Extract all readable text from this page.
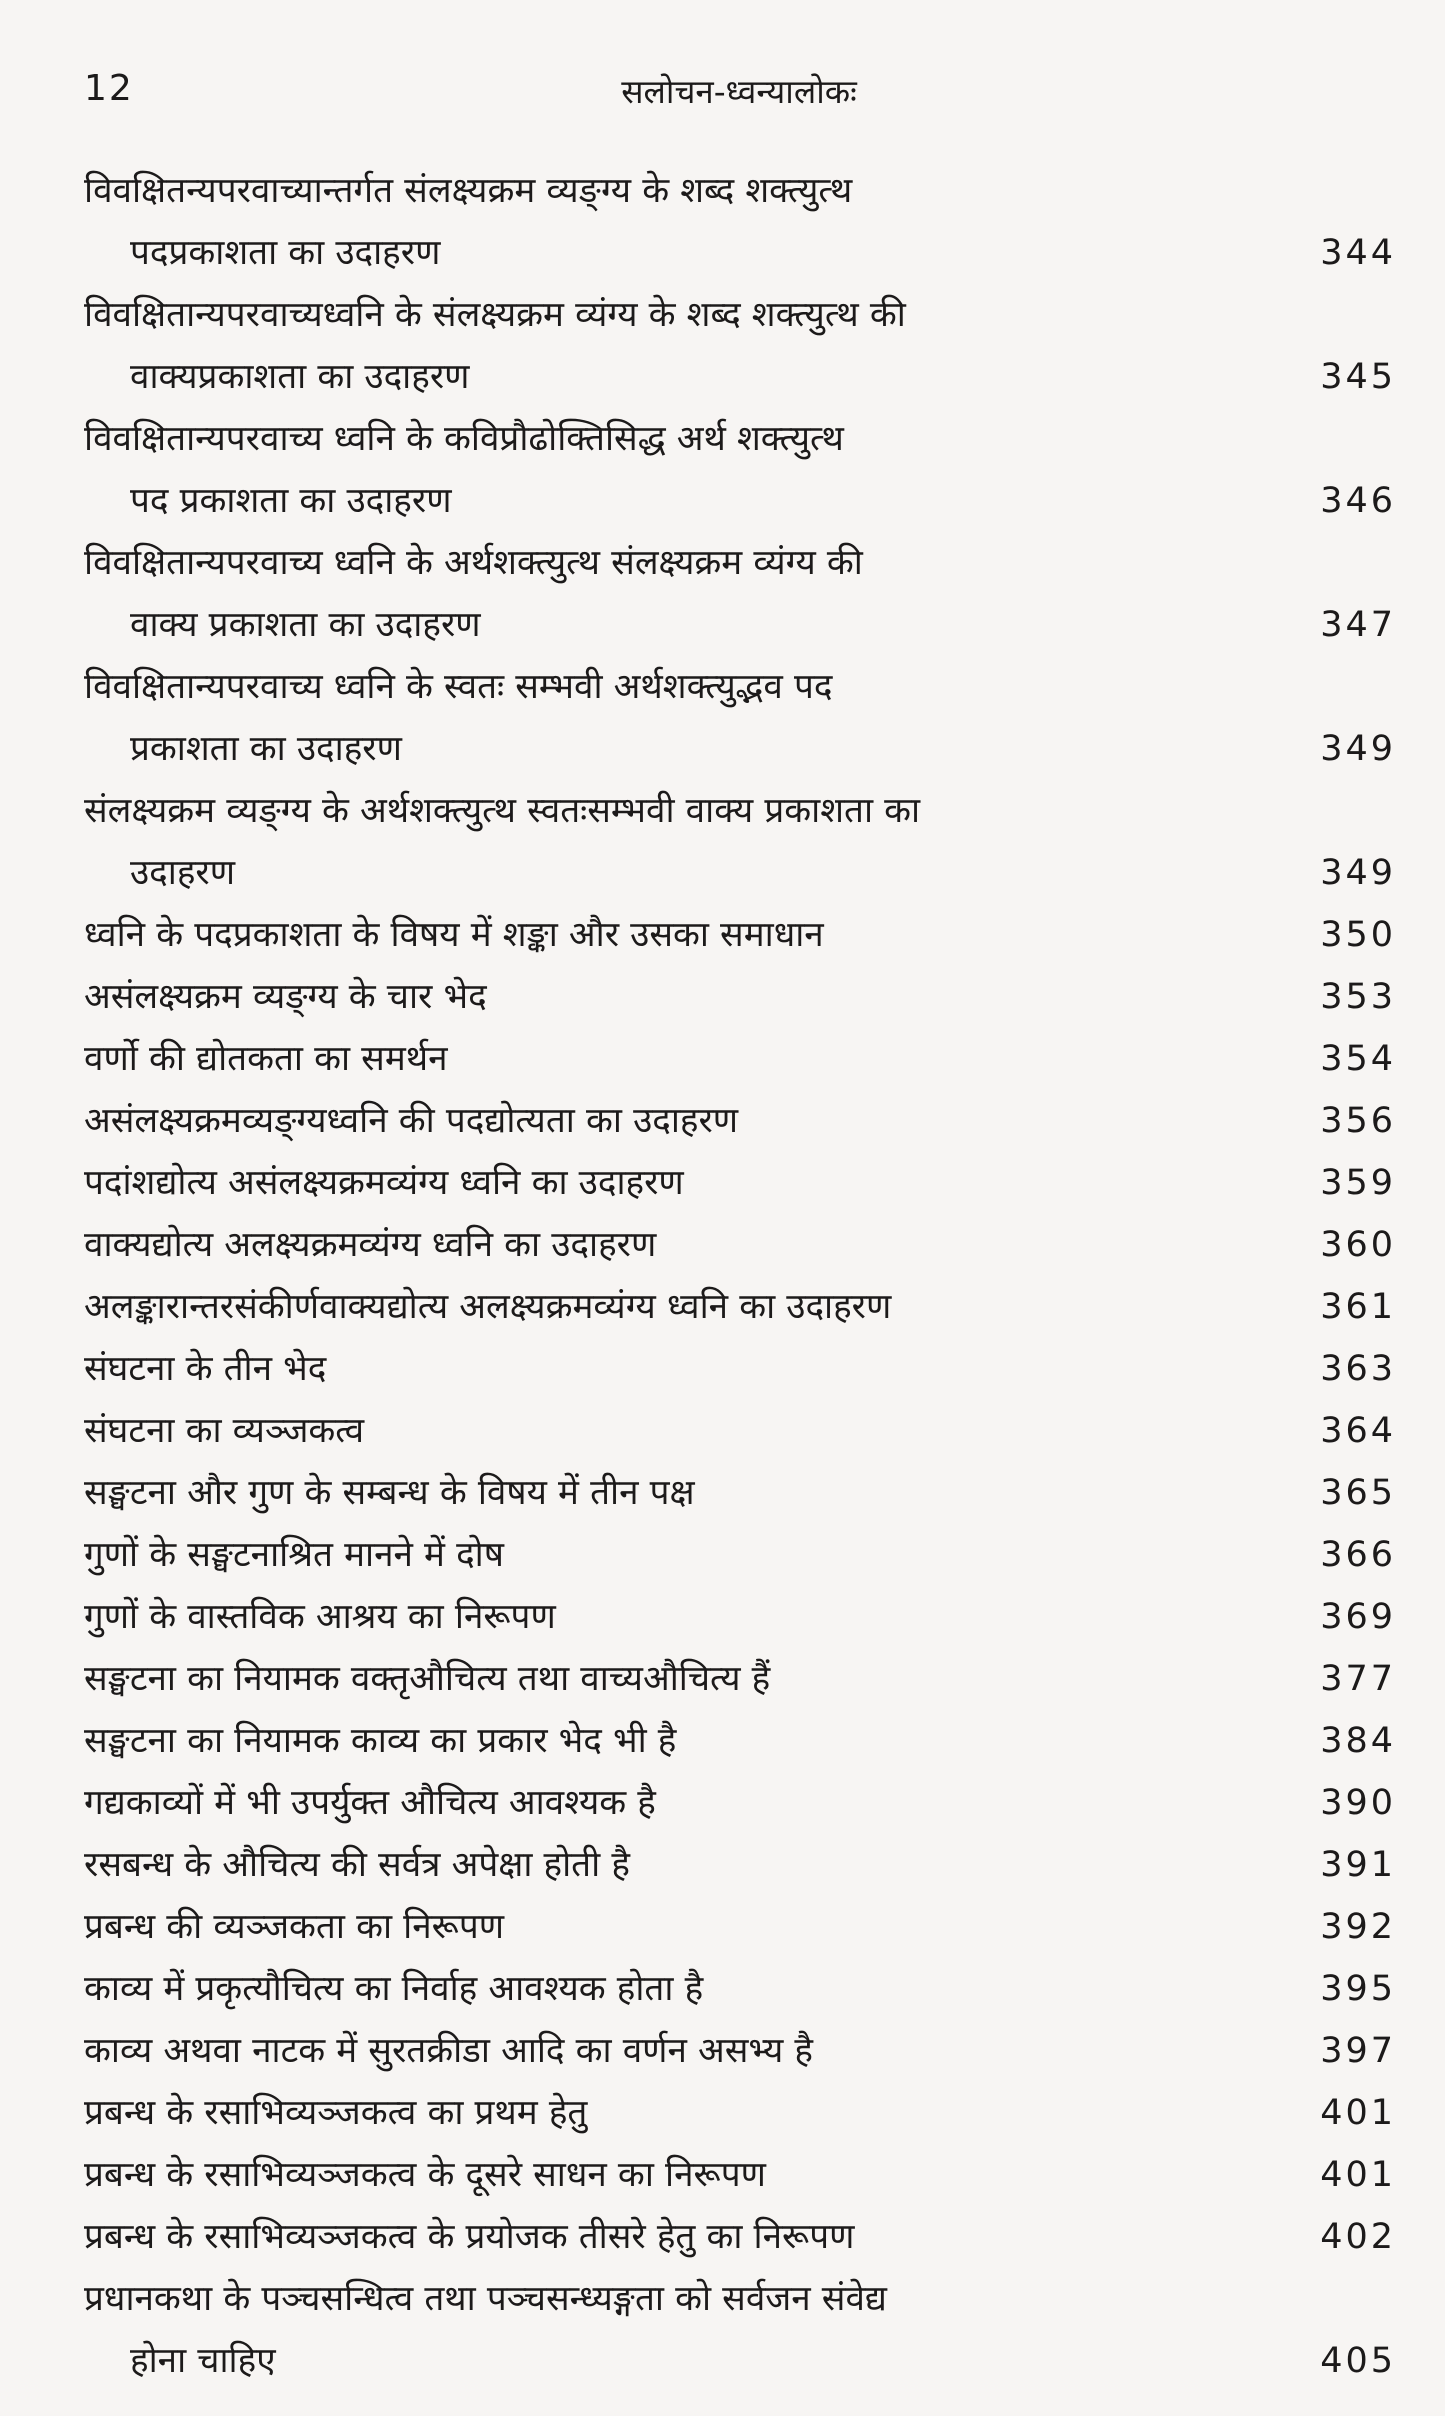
12	सलोचन-ध्वन्यालोकः
विवक्षितन्यपरवाच्यान्तर्गत संलक्ष्यक्रम व्यङ्ग्य के शब्द शक्त्युत्थ
पदप्रकाशता का उदाहरण	344
विवक्षितान्यपरवाच्यध्वनि के संलक्ष्यक्रम व्यंग्य के शब्द शक्त्युत्थ की
वाक्यप्रकाशता का उदाहरण	345
विवक्षितान्यपरवाच्य ध्वनि के कविप्रौढोक्तिसिद्ध अर्थ शक्त्युत्थ
पद प्रकाशता का उदाहरण	346
विवक्षितान्यपरवाच्य ध्वनि के अर्थशक्त्युत्थ संलक्ष्यक्रम व्यंग्य की
वाक्य प्रकाशता का उदाहरण	347
विवक्षितान्यपरवाच्य ध्वनि के स्वतः सम्भवी अर्थशक्त्युद्भव पद
प्रकाशता का उदाहरण	349
संलक्ष्यक्रम व्यङ्ग्य के अर्थशक्त्युत्थ स्वतःसम्भवी वाक्य प्रकाशता का
उदाहरण	349
ध्वनि के पदप्रकाशता के विषय में शङ्का और उसका समाधान	350
असंलक्ष्यक्रम व्यङ्ग्य के चार भेद	353
वर्णो की द्योतकता का समर्थन	354
असंलक्ष्यक्रमव्यङ्ग्यध्वनि की पदद्योत्यता का उदाहरण	356
पदांशद्योत्य असंलक्ष्यक्रमव्यंग्य ध्वनि का उदाहरण	359
वाक्यद्योत्य अलक्ष्यक्रमव्यंग्य ध्वनि का उदाहरण	360
अलङ्कारान्तरसंकीर्णवाक्यद्योत्य अलक्ष्यक्रमव्यंग्य ध्वनि का उदाहरण	361
संघटना के तीन भेद	363
संघटना का व्यञ्जकत्व	364
सङ्घटना और गुण के सम्बन्ध के विषय में तीन पक्ष	365
गुणों के सङ्घटनाश्रित मानने में दोष	366
गुणों के वास्तविक आश्रय का निरूपण	369
सङ्घटना का नियामक वक्तृऔचित्य तथा वाच्यऔचित्य हैं	377
सङ्घटना का नियामक काव्य का प्रकार भेद भी है	384
गद्यकाव्यों में भी उपर्युक्त औचित्य आवश्यक है	390
रसबन्ध के औचित्य की सर्वत्र अपेक्षा होती है	391
प्रबन्ध की व्यञ्जकता का निरूपण	392
काव्य में प्रकृत्यौचित्य का निर्वाह आवश्यक होता है	395
काव्य अथवा नाटक में सुरतक्रीडा आदि का वर्णन असभ्य है	397
प्रबन्ध के रसाभिव्यञ्जकत्व का प्रथम हेतु	401
प्रबन्ध के रसाभिव्यञ्जकत्व के दूसरे साधन का निरूपण	401
प्रबन्ध के रसाभिव्यञ्जकत्व के प्रयोजक तीसरे हेतु का निरूपण	402
प्रधानकथा के पञ्चसन्धित्व तथा पञ्चसन्ध्यङ्गता को सर्वजन संवेद्य
होना चाहिए	405
